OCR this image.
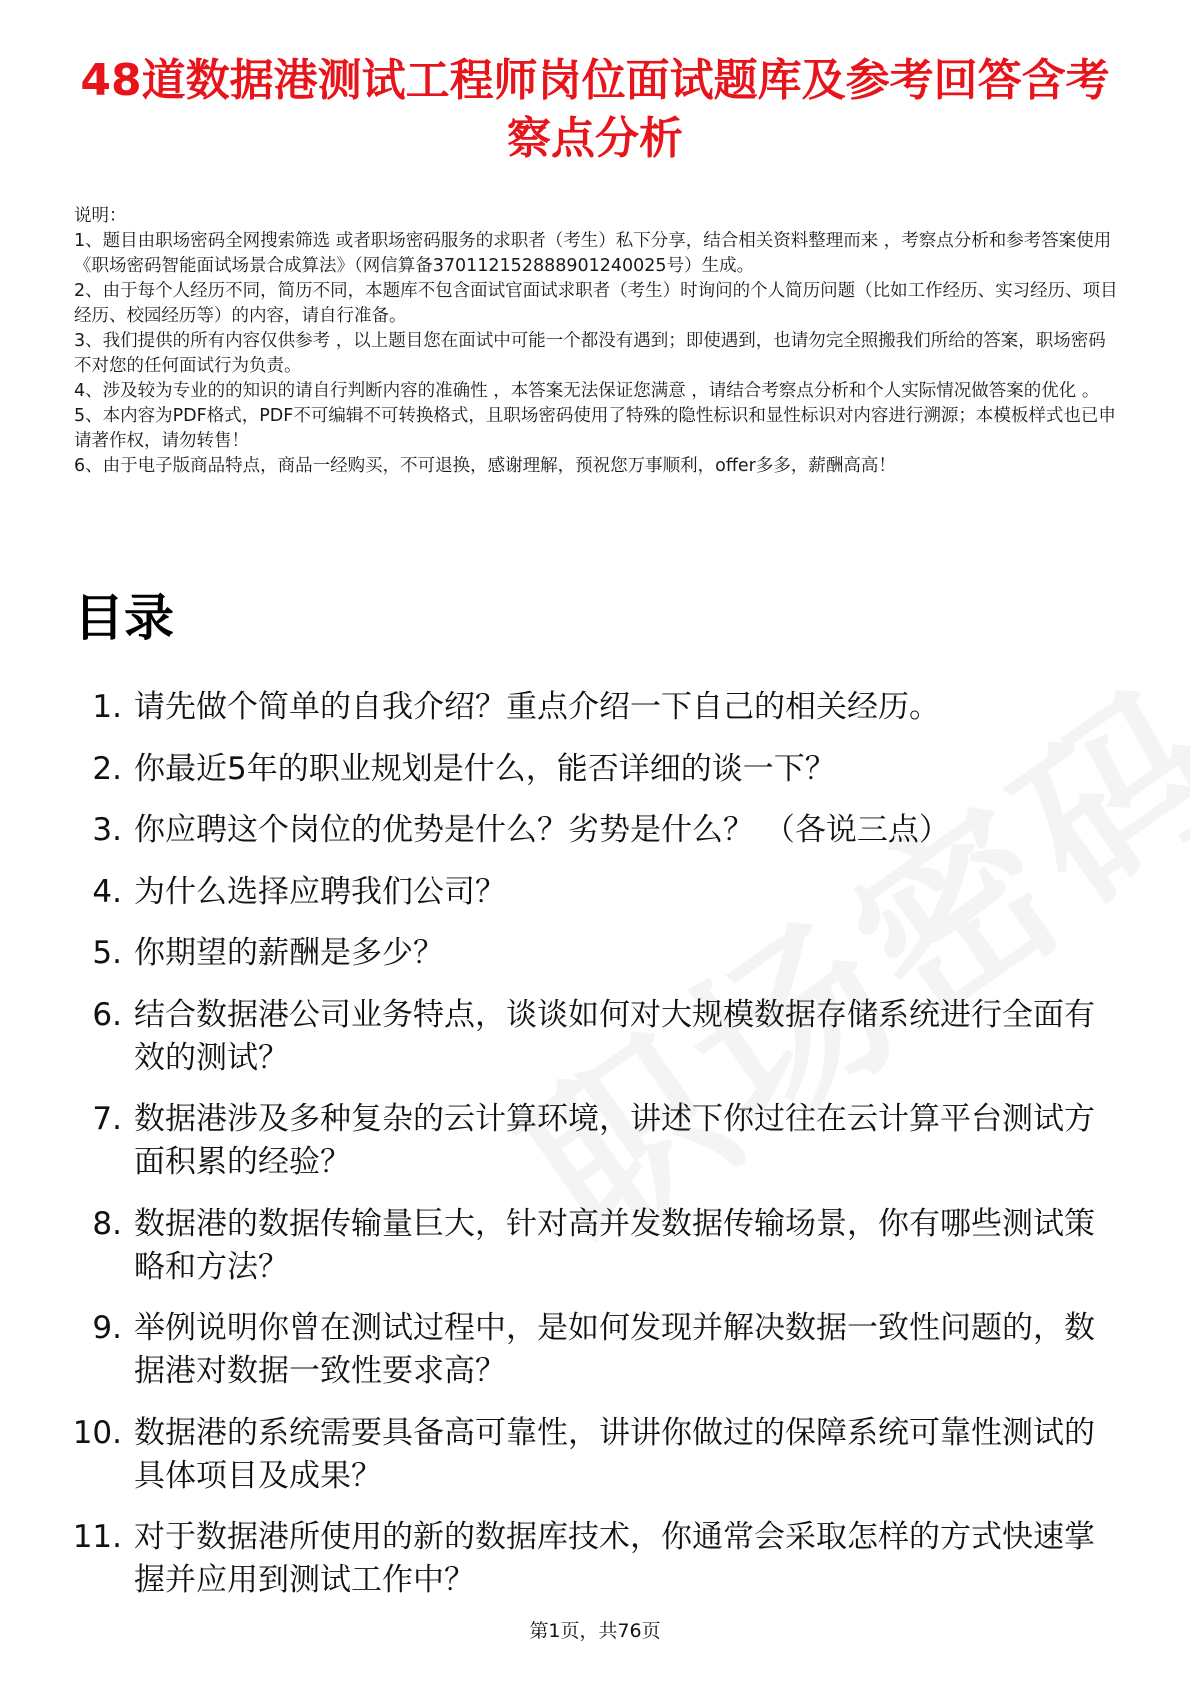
48道数据港测试工程师岗位面试题库及参考回答含考察点分析

说明：

1、题目由职场密码全网搜索筛选 或者职场密码服务的求职者（考生）私下分享，结合相关资料整理而来 ，考察点分析和参考答案使用《职场密码智能面试场景合成算法》（网信算备370112152888901240025号）生成。

2、由于每个人经历不同，简历不同，本题库不包含面试官面试求职者（考生）时询问的个人简历问题（比如工作经历、实习经历、项目经历、校园经历等）的内容，请自行准备。

3、我们提供的所有内容仅供参考 ，以上题目您在面试中可能一个都没有遇到；即使遇到，也请勿完全照搬我们所给的答案，职场密码不对您的任何面试行为负责。

4、涉及较为专业的的知识的请自行判断内容的准确性 ，本答案无法保证您满意 ，请结合考察点分析和个人实际情况做答案的优化 。

5、本内容为PDF格式，PDF不可编辑不可转换格式，且职场密码使用了特殊的隐性标识和显性标识对内容进行溯源；本模板样式也已申请著作权，请勿转售！

6、由于电子版商品特点，商品一经购买，不可退换，感谢理解，预祝您万事顺利，offer多多，薪酬高高！

目录
1. 请先做个简单的自我介绍？重点介绍一下自己的相关经历。
2. 你最近5年的职业规划是什么，能否详细的谈一下？
3. 你应聘这个岗位的优势是什么？劣势是什么？ （各说三点）
4. 为什么选择应聘我们公司？
5. 你期望的薪酬是多少？
6. 结合数据港公司业务特点，谈谈如何对大规模数据存储系统进行全面有效的测试？
7. 数据港涉及多种复杂的云计算环境，讲述下你过往在云计算平台测试方面积累的经验？
8. 数据港的数据传输量巨大，针对高并发数据传输场景，你有哪些测试策略和方法？
9. 举例说明你曾在测试过程中，是如何发现并解决数据一致性问题的，数据港对数据一致性要求高？
10. 数据港的系统需要具备高可靠性，讲讲你做过的保障系统可靠性测试的具体项目及成果？
11. 对于数据港所使用的新的数据库技术，你通常会采取怎样的方式快速掌握并应用到测试工作中？
第1页，共76页
